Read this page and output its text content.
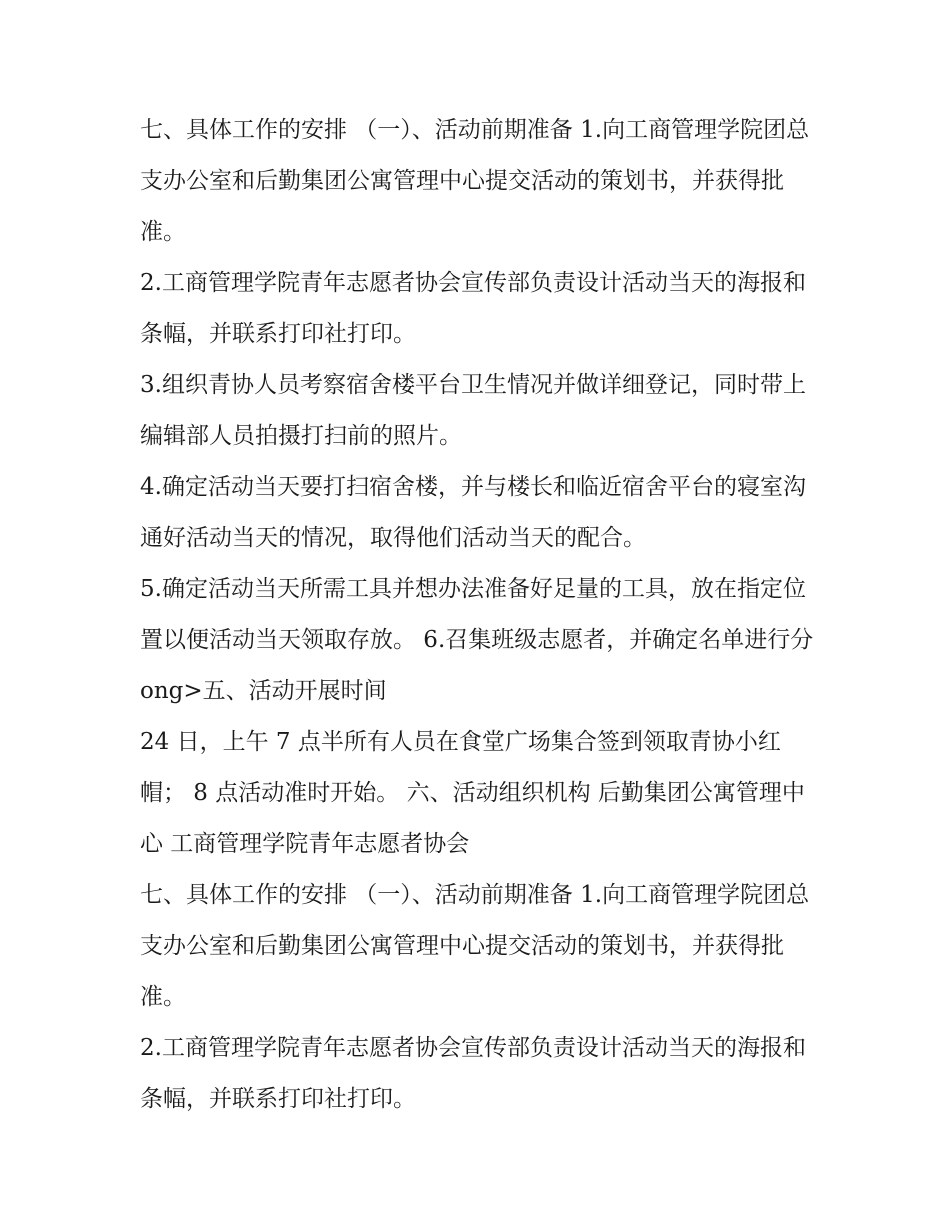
七、具体工作的安排 （一）、活动前期准备 1.向工商管理学院团总支办公室和后勤集团公寓管理中心提交活动的策划书，并获得批准。

2.工商管理学院青年志愿者协会宣传部负责设计活动当天的海报和条幅，并联系打印社打印。

3.组织青协人员考察宿舍楼平台卫生情况并做详细登记，同时带上编辑部人员拍摄打扫前的照片。

4.确定活动当天要打扫宿舍楼，并与楼长和临近宿舍平台的寝室沟通好活动当天的情况，取得他们活动当天的配合。

5.确定活动当天所需工具并想办法准备好足量的工具，放在指定位置以便活动当天领取存放。 6.召集班级志愿者，并确定名单进行分 ong>五、活动开展时间

24 日，上午 7 点半所有人员在食堂广场集合签到领取青协小红帽； 8 点活动准时开始。 六、活动组织机构 后勤集团公寓管理中心 工商管理学院青年志愿者协会

七、具体工作的安排 （一）、活动前期准备 1.向工商管理学院团总支办公室和后勤集团公寓管理中心提交活动的策划书，并获得批准。

2.工商管理学院青年志愿者协会宣传部负责设计活动当天的海报和条幅，并联系打印社打印。
